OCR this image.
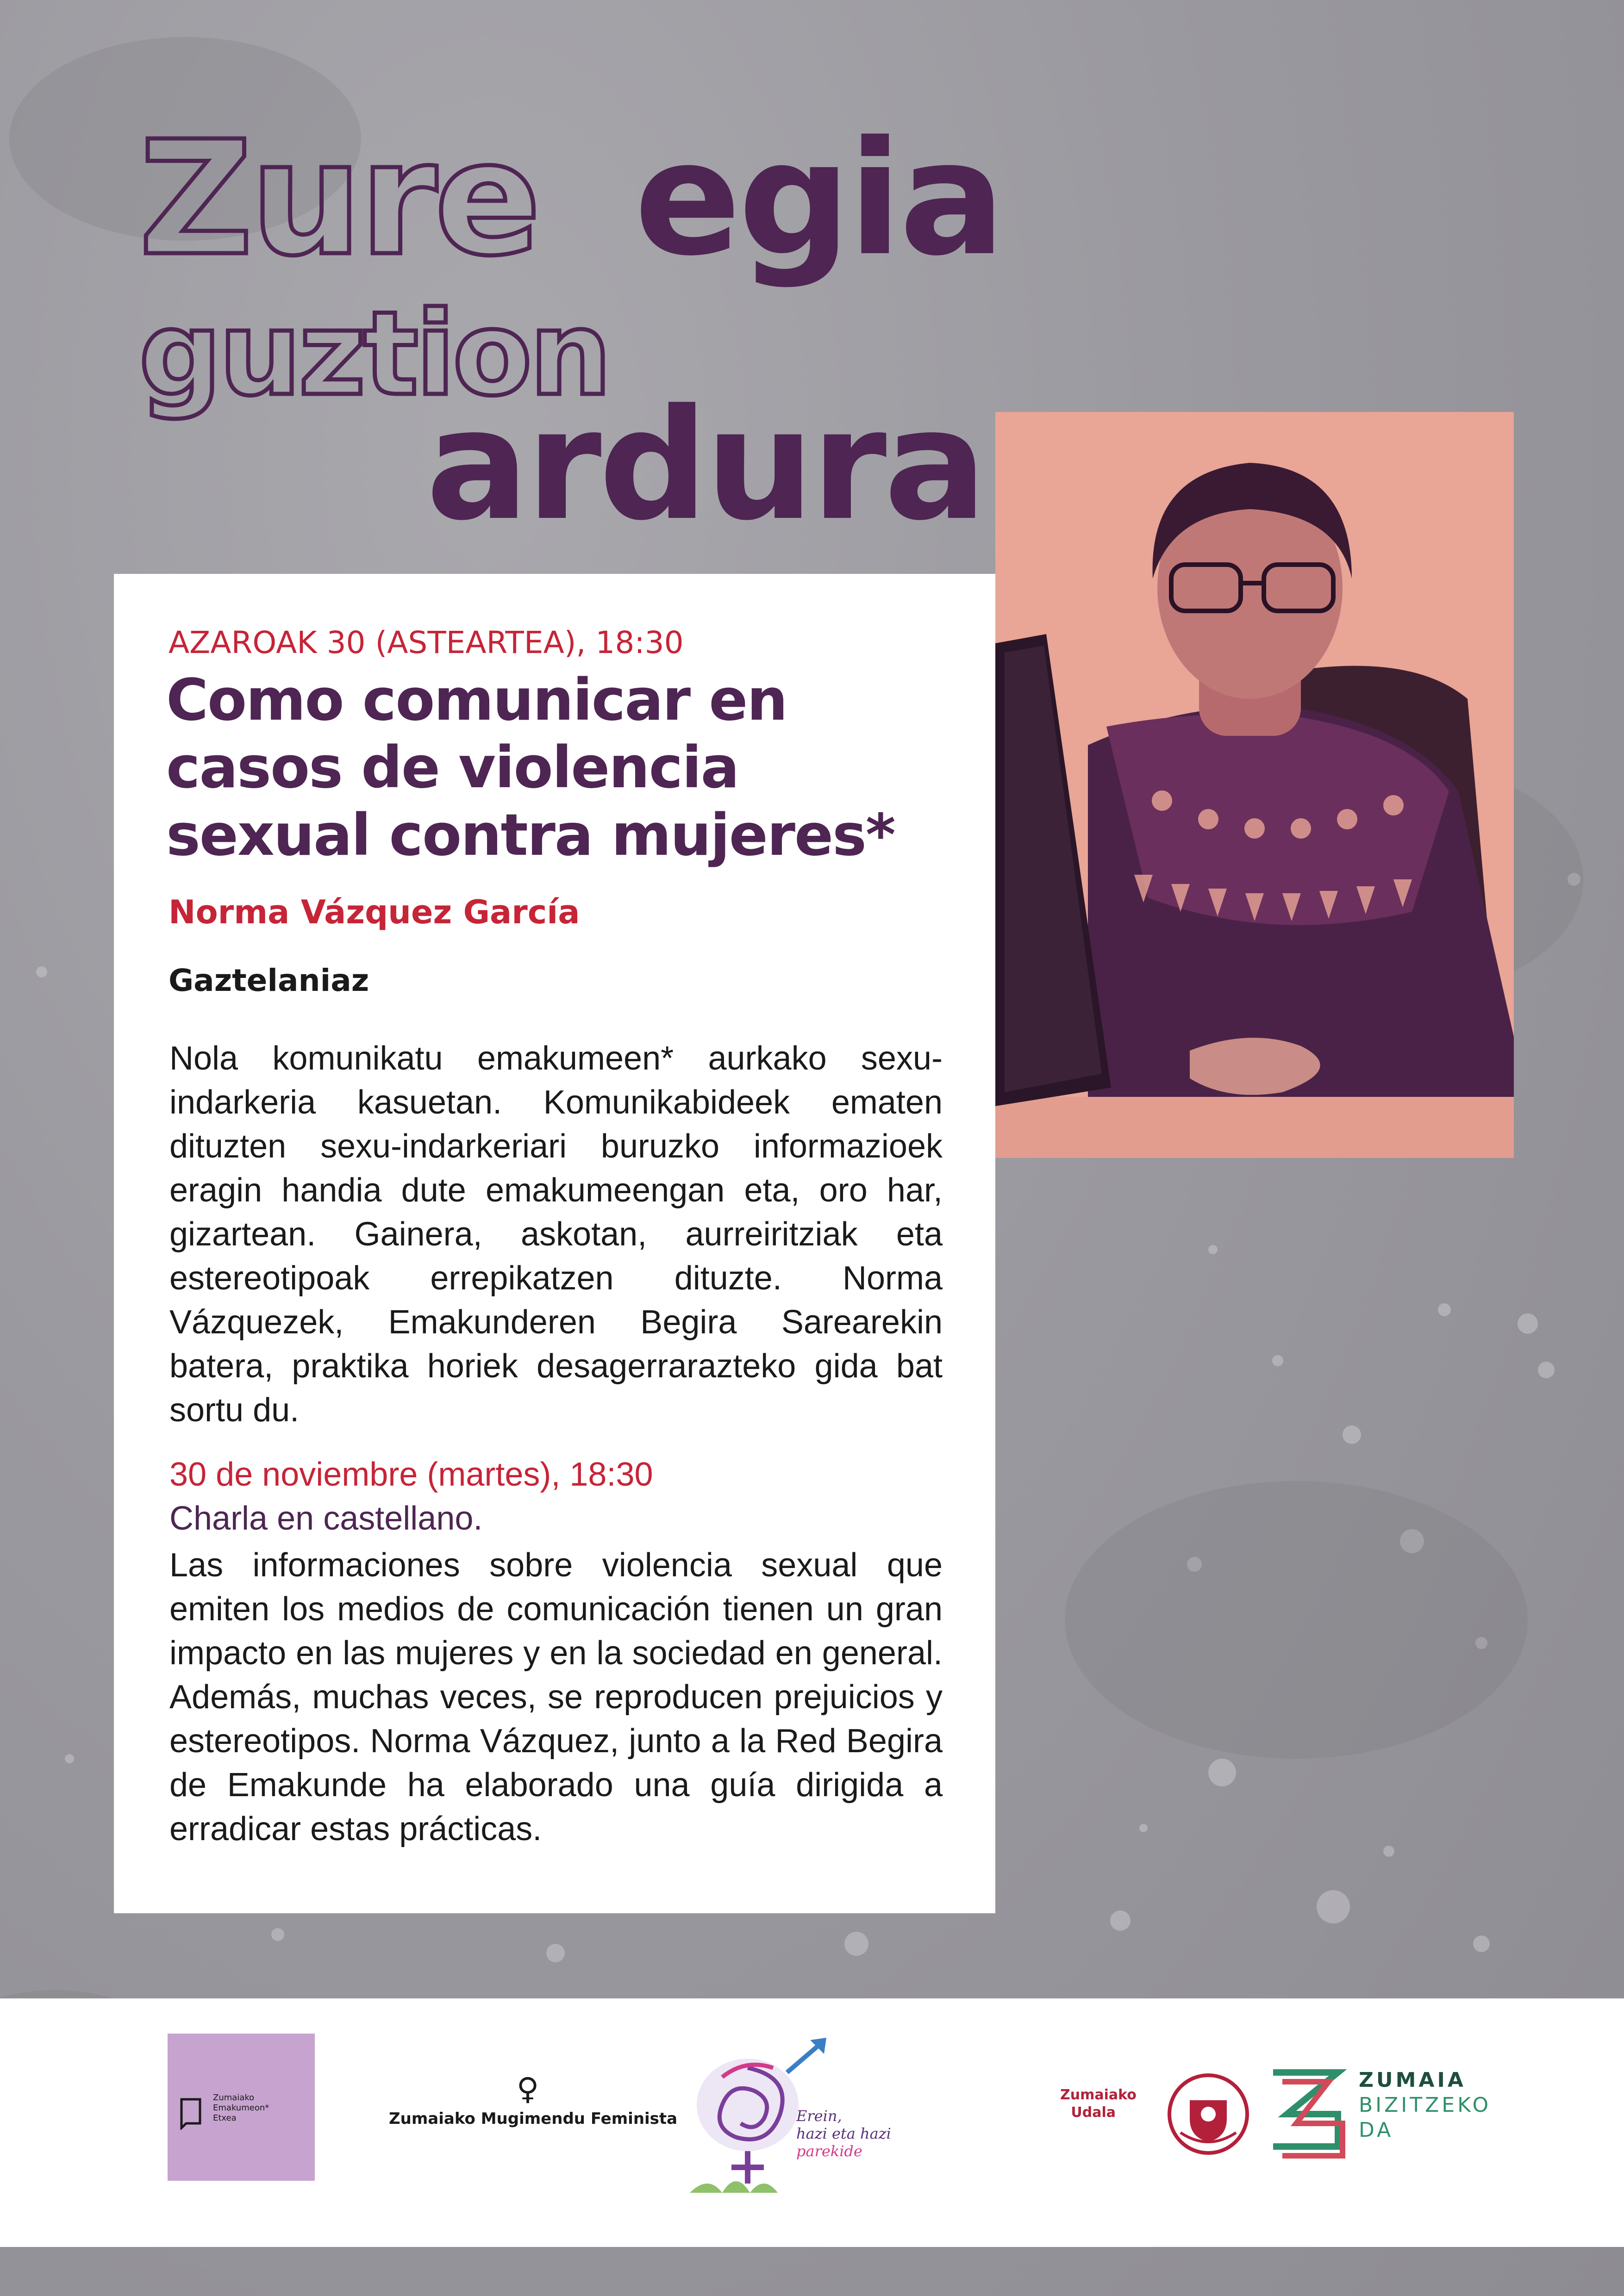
Zure egia
guztion
ardura
AZAROAK 30 (ASTEARTEA), 18:30
Como comunicar en
casos de violencia
sexual contra mujeres*
Norma Vázquez García
Gaztelaniaz
Nola komunikatu emakumeen* aurkako sexu-indarkeria kasuetan. Komunikabideek ematen dituzten sexu-indarkeriari buruzko informazioek eragin handia dute emakumeengan eta, oro har, gizartean. Gainera, askotan, aurreiritziak eta estereotipoak errepikatzen dituzte. Norma Vázquezek, Emakunderen Begira Sarearekin batera, praktika horiek desagerrarazteko gida bat sortu du.
30 de noviembre (martes), 18:30
Charla en castellano.
Las informaciones sobre violencia sexual que emiten los medios de comunicación tienen un gran impacto en las mujeres y en la sociedad en general. Además, muchas veces, se reproducen prejuicios y estereotipos. Norma Vázquez, junto a la Red Begira de Emakunde ha elaborado una guía dirigida a erradicar estas prácticas.
Zumaiako
Emakumeon*
Etxea
♀
Zumaiako Mugimendu Feminista	Erein,
hazi eta hazi
parekide
Zumaiako
Udala
ZUMAIA
BIZITZEKO
DA
